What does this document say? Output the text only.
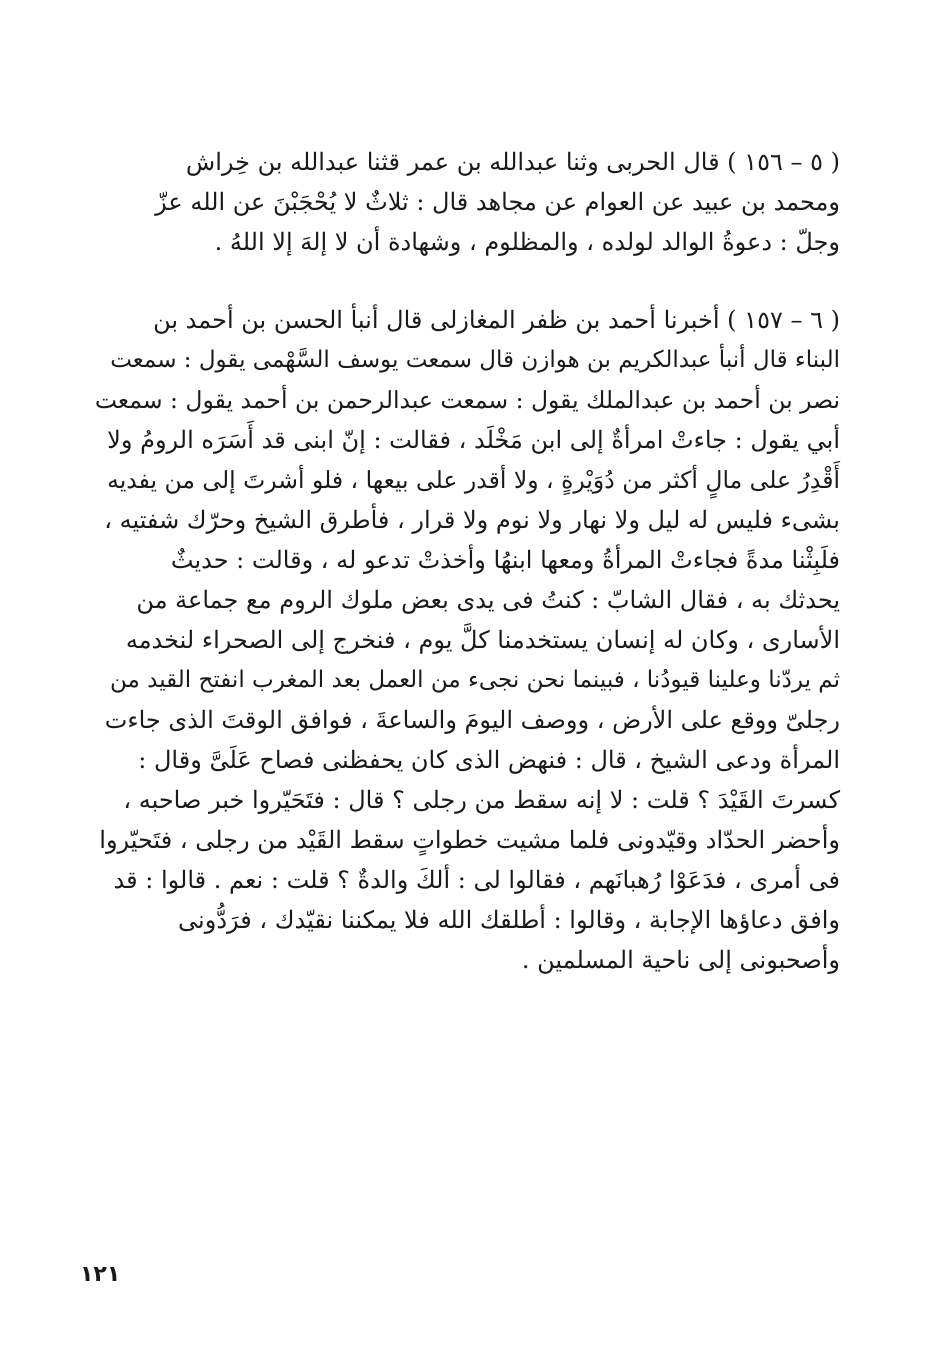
( ٥ – ١٥٦ ) قال الحربى وثنا عبدالله بن عمر قثنا عبدالله بن خِراش
ومحمد بن عبيد عن العوام عن مجاهد قال : ثلاثٌ لا يُحْجَبْنَ عن الله عزّ
وجلّ : دعوةُ الوالد لولده ، والمظلوم ، وشهادة أن لا إلهَ إلا اللهُ .
( ٦ – ١٥٧ ) أخبرنا أحمد بن ظفر المغازلى قال أنبأ الحسن بن أحمد بن
البناء قال أنبأ عبدالكريم بن هوازن قال سمعت يوسف السَّهْمى يقول : سمعت
نصر بن أحمد بن عبدالملك يقول : سمعت عبدالرحمن بن أحمد يقول : سمعت
أبي يقول : جاءتْ امرأةٌ إلى ابن مَخْلَد ، فقالت : إنّ ابنى قد أَسَرَه الرومُ ولا
أَقْدِرُ على مالٍ أكثر من دُوَيْرةٍ ، ولا أقدر على بيعها ، فلو أشرتَ إلى من يفديه
بشىء فليس له ليل ولا نهار ولا نوم ولا قرار ، فأطرق الشيخ وحرّك شفتيه ،
فلَبِثْنا مدةً فجاءتْ المرأةُ ومعها ابنهُا وأخذتْ تدعو له ، وقالت : حديثٌ
يحدثك به ، فقال الشابّ : كنتُ فى يدى بعض ملوك الروم مع جماعة من
الأسارى ، وكان له إنسان يستخدمنا كلَّ يوم ، فنخرج إلى الصحراء لنخدمه
ثم يردّنا وعلينا قيودُنا ، فبينما نحن نجىء من العمل بعد المغرب انفتح القيد من
رجلىّ ووقع على الأرض ، ووصف اليومَ والساعةَ ، فوافق الوقتَ الذى جاءت
المرأة ودعى الشيخ ، قال : فنهض الذى كان يحفظنى فصاح عَلَىَّ وقال :
كسرتَ القَيْدَ ؟ قلت : لا إنه سقط من رجلى ؟ قال : فتَحَيّروا خبر صاحبه ،
وأحضر الحدّاد وقيّدونى فلما مشيت خطواتٍ سقط القَيْد من رجلى ، فتَحيّروا
فى أمرى ، فدَعَوْا رُهبانَهم ، فقالوا لى : ألكَ والدةٌ ؟ قلت : نعم . قالوا : قد
وافق دعاؤها الإجابة ، وقالوا : أطلقك الله فلا يمكننا نقيّدك ، فرَدُّونى
وأصحبونى إلى ناحية المسلمين .
١٢١
